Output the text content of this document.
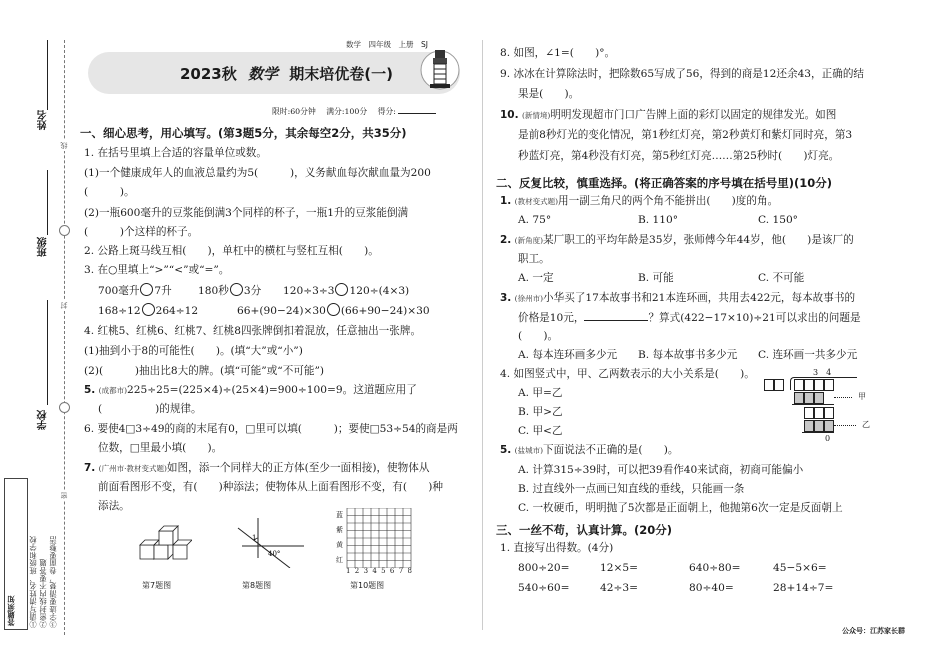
姓名
班级
学校
答题须知 ①请写清姓名、班级和学校 ②密封线内不要答题 ③字迹要清楚，卷面要整洁
线
封
密
数学　四年级　上册　SJ
2023秋 数学 期末培优卷(一)
限时:60分钟 满分:100分 得分:
一、细心思考，用心填写。(第3题5分，其余每空2分，共35分)
1. 在括号里填上合适的容量单位或数。
(1)一个健康成年人的血液总量约为5(　　　)，义务献血每次献血量为200
(　　　)。
(2)一瓶600毫升的豆浆能倒满3个同样的杯子，一瓶1升的豆浆能倒满
(　　　)个这样的杯子。
2. 公路上斑马线互相(　　)，单杠中的横杠与竖杠互相(　　)。
3. 在○里填上“>”“<”或“=”。
700毫升 7升 180秒 3分 120÷3÷3 120÷(4×3)
168÷12 264÷12	66+(90−24)×30 (66+90−24)×30
4. 红桃5、红桃6、红桃7、红桃8四张牌倒扣着混放，任意抽出一张牌。
(1)抽到小于8的可能性(　　)。(填“大”或“小”)
(2)(　　　)抽出比8大的牌。(填“可能”或“不可能”)
5. (成都市)225÷25=(225×4)÷(25×4)=900÷100=9。这道题应用了
(　　　　　)的规律。
6. 要使4□3÷49的商的末尾有0，□里可以填(　　　)；要使□53÷54的商是两
位数，□里最小填(　　)。
7. (广州市·教材变式题)如图，添一个同样大的正方体(至少一面相接)，使物体从
前面看图形不变，有(　　)种添法；使物体从上面看图形不变，有(　　)种
添法。
第7题图
1
40°
第8题图
蓝
紫
黄
红
1 2 3 4 5 6 7 8
第10题图
8. 如图，∠1=(　　)°。
9. 冰冰在计算除法时，把除数65写成了56，得到的商是12还余43，正确的结
果是(　　)。
10. (新情境)明明发现超市门口广告牌上面的彩灯以固定的规律发光。如图
是前8秒灯光的变化情况，第1秒红灯亮，第2秒黄灯和紫灯同时亮，第3
秒蓝灯亮，第4秒没有灯亮，第5秒红灯亮……第25秒时(　　)灯亮。
二、反复比较，慎重选择。(将正确答案的序号填在括号里)(10分)
1. (教材变式题)用一副三角尺的两个角不能拼出(　　)度的角。
A. 75°	B. 110°	C. 150°
2. (新角度)某厂职工的平均年龄是35岁，张师傅今年44岁，他(　　)是该厂的
职工。
A. 一定	B. 可能	C. 不可能
3. (徐州市)小华买了17本故事书和21本连环画，共用去422元，每本故事书的
价格是10元，	？算式(422−17×10)÷21可以求出的问题是
(　　)。
A. 每本连环画多少元 B. 每本故事书多少元 C. 连环画一共多少元
4. 如图竖式中，甲、乙两数表示的大小关系是(　　)。
A. 甲=乙
B. 甲>乙
C. 甲<乙
3　4
甲
乙
0
5. (盐城市)下面说法不正确的是(　　)。
A. 计算315÷39时，可以把39看作40来试商，初商可能偏小
B. 过直线外一点画已知直线的垂线，只能画一条
C. 一枚硬币，明明抛了5次都是正面朝上，他抛第6次一定是反面朝上
三、一丝不苟，认真计算。(20分)
1. 直接写出得数。(4分)
800÷20=	12×5=	640÷80=	45−5×6=
540÷60=	42÷3=	80÷40=	28+14÷7=
公众号：江苏家长群
